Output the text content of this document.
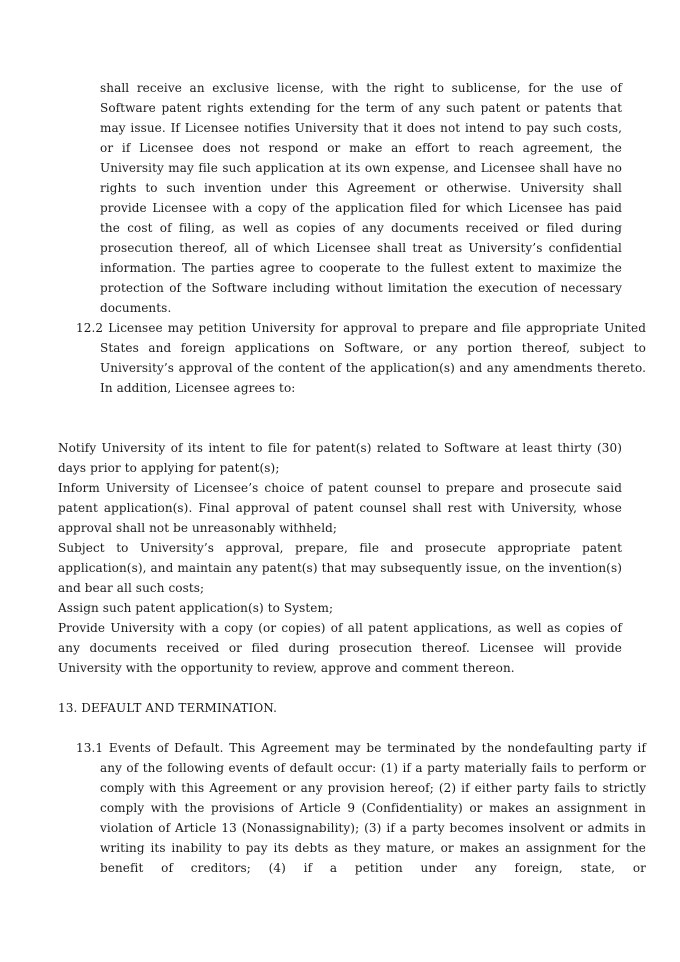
shall receive an exclusive license, with the right to sublicense, for the use of Software patent rights extending for the term of any such patent or patents that may issue. If Licensee notifies University that it does not intend to pay such costs, or if Licensee does not respond or make an effort to reach agreement, the University may file such application at its own expense, and Licensee shall have no rights to such invention under this Agreement or otherwise. University shall provide Licensee with a copy of the application filed for which Licensee has paid the cost of filing, as well as copies of any documents received or filed during prosecution thereof, all of which Licensee shall treat as University’s confidential information. The parties agree to cooperate to the fullest extent to maximize the protection of the Software including without limitation the execution of necessary documents.

12.2 Licensee may petition University for approval to prepare and file appropriate United States and foreign applications on Software, or any portion thereof, subject to University’s approval of the content of the application(s) and any amendments thereto. In addition, Licensee agrees to:

Notify University of its intent to file for patent(s) related to Software at least thirty (30) days prior to applying for patent(s);

Inform University of Licensee’s choice of patent counsel to prepare and prosecute said patent application(s). Final approval of patent counsel shall rest with University, whose approval shall not be unreasonably withheld;

Subject to University’s approval, prepare, file and prosecute appropriate patent application(s), and maintain any patent(s) that may subsequently issue, on the invention(s) and bear all such costs;

Assign such patent application(s) to System;

Provide University with a copy (or copies) of all patent applications, as well as copies of any documents received or filed during prosecution thereof. Licensee will provide University with the opportunity to review, approve and comment thereon.

13. DEFAULT AND TERMINATION.

13.1 Events of Default. This Agreement may be terminated by the nondefaulting party if any of the following events of default occur: (1) if a party materially fails to perform or comply with this Agreement or any provision hereof; (2) if either party fails to strictly comply with the provisions of Article 9 (Confidentiality) or makes an assignment in violation of Article 13 (Nonassignability); (3) if a party becomes insolvent or admits in writing its inability to pay its debts as they mature, or makes an assignment for the benefit of creditors; (4) if a petition under any foreign, state, or
